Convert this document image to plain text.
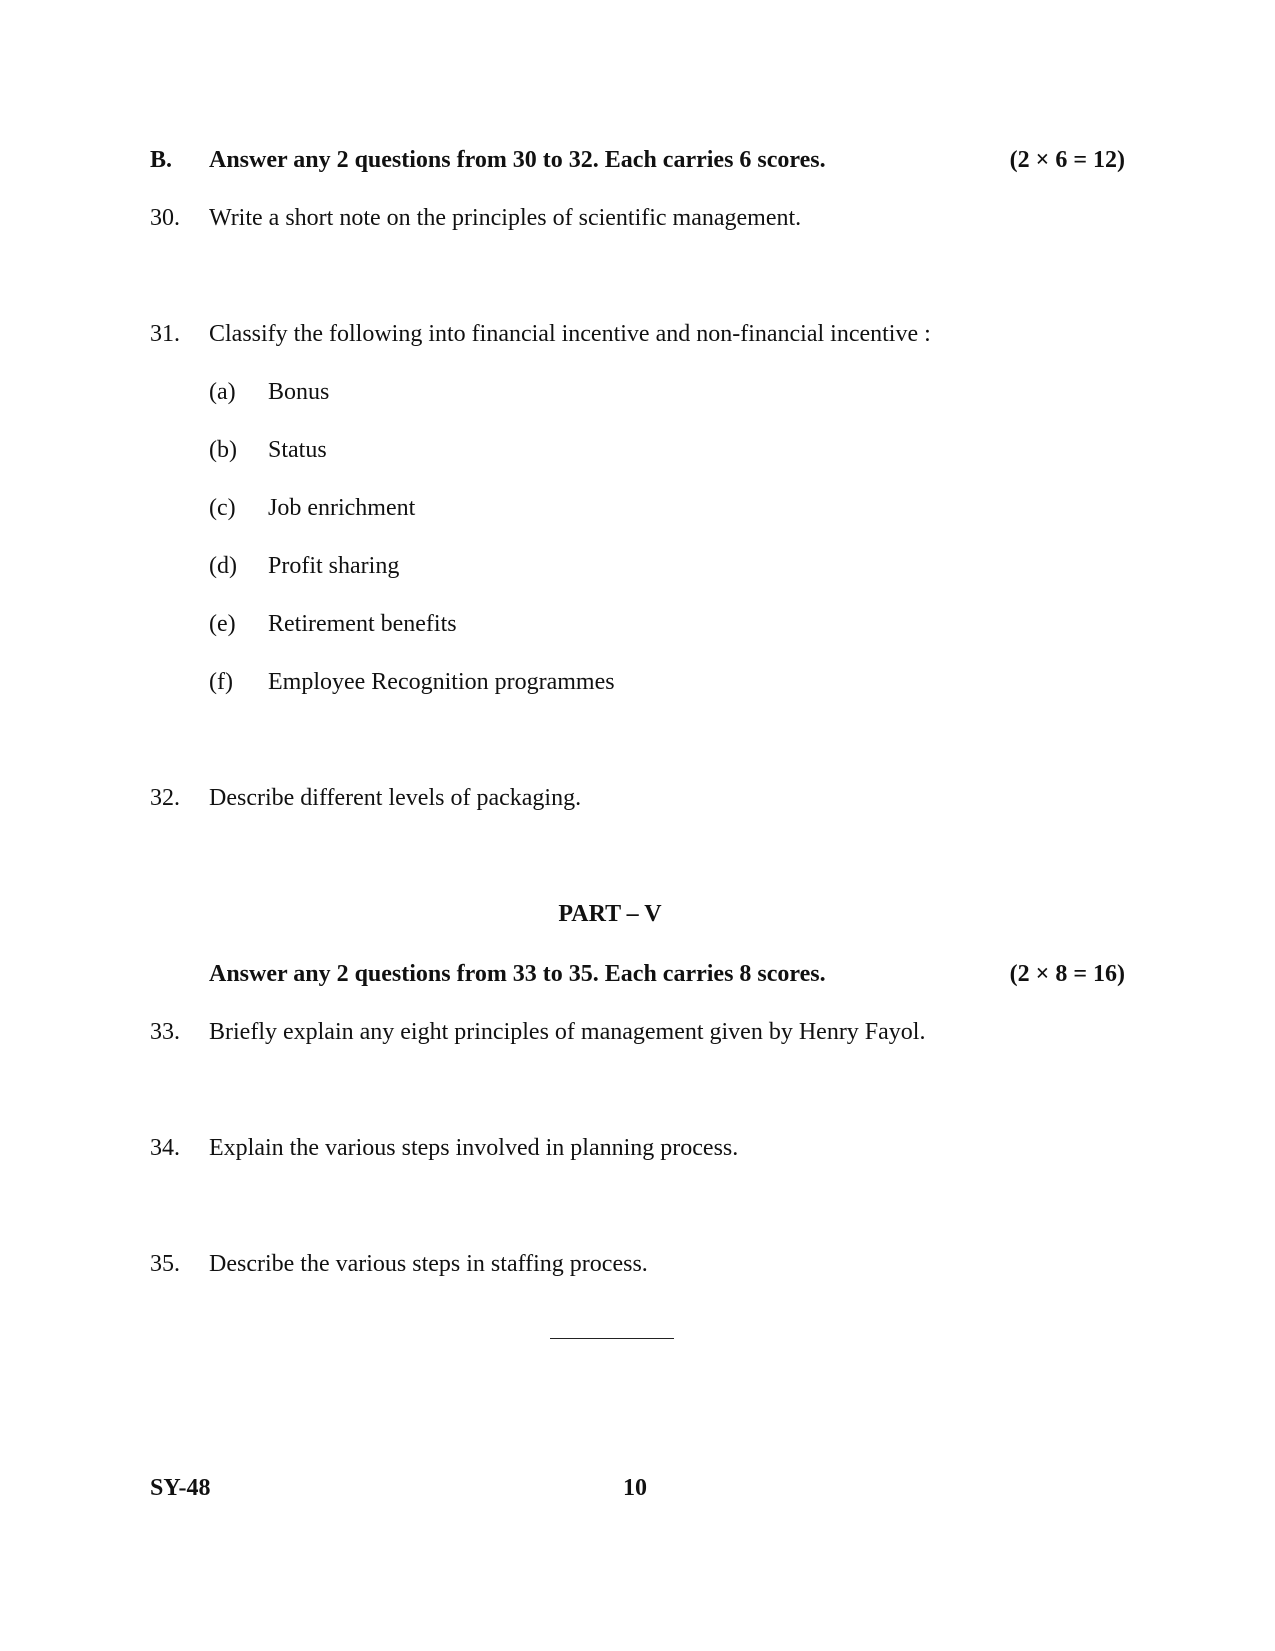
B. Answer any 2 questions from 30 to 32. Each carries 6 scores.	(2 × 6 = 12)
30. Write a short note on the principles of scientific management.
31. Classify the following into financial incentive and non-financial incentive :
(a) Bonus
(b) Status
(c) Job enrichment
(d) Profit sharing
(e) Retirement benefits
(f) Employee Recognition programmes
32. Describe different levels of packaging.
PART – V
Answer any 2 questions from 33 to 35. Each carries 8 scores.	(2 × 8 = 16)
33. Briefly explain any eight principles of management given by Henry Fayol.
34. Explain the various steps involved in planning process.
35. Describe the various steps in staffing process.
SY-48	10
